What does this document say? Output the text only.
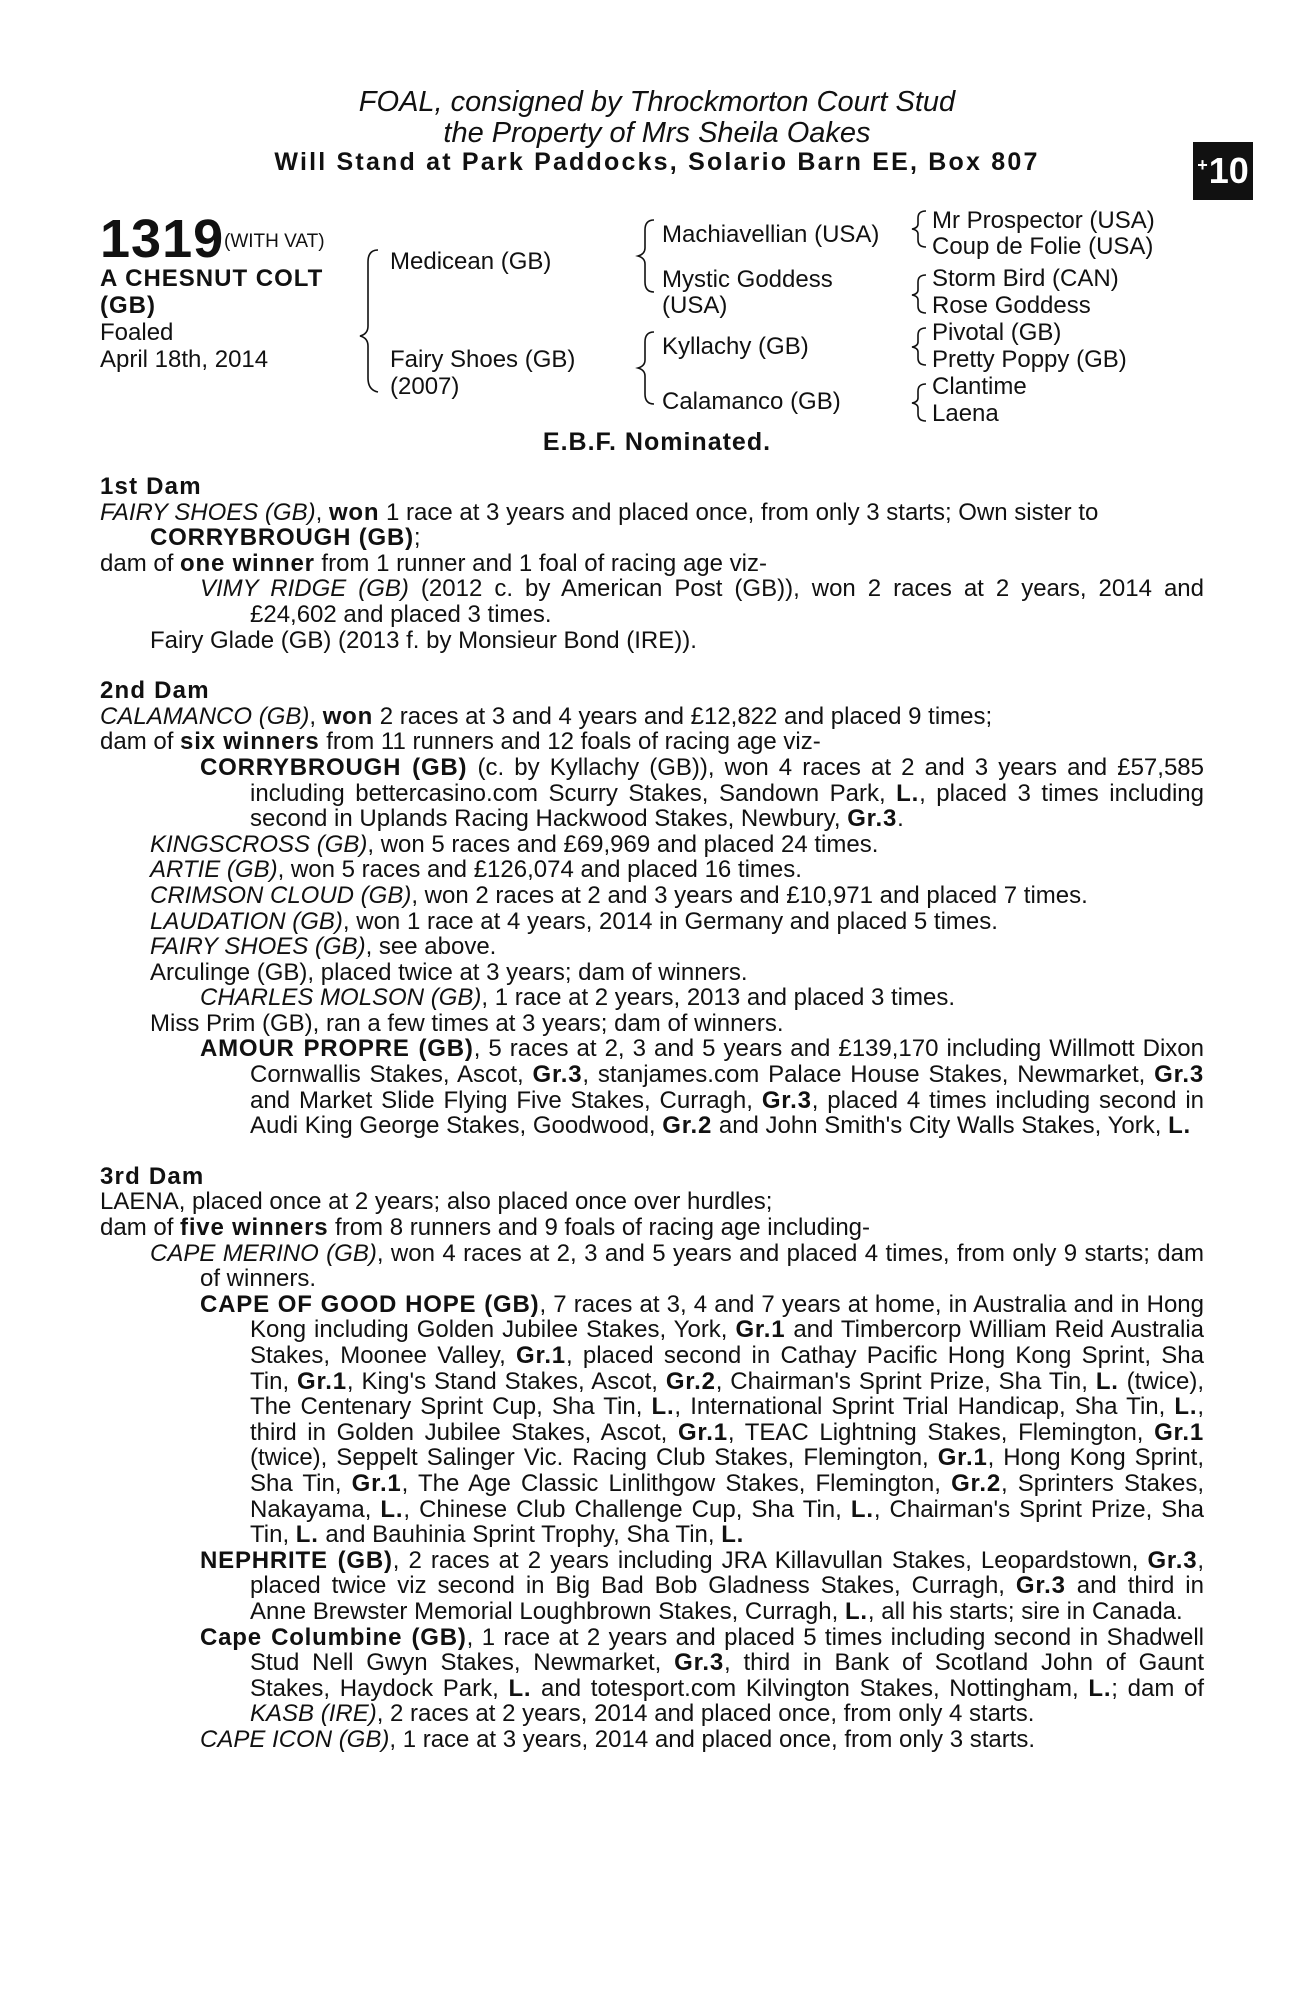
FOAL, consigned by Throckmorton Court Stud
the Property of Mrs Sheila Oakes
Will Stand at Park Paddocks, Solario Barn EE, Box 807	+ 10
1319 (WITH VAT)
A CHESNUT COLT
(GB)
Foaled
April 18th, 2014
Medicean (GB)
Fairy Shoes (GB)
(2007)
Machiavellian (USA)
Mystic Goddess
(USA)
Kyllachy (GB)
Calamanco (GB)
Mr Prospector (USA)
Coup de Folie (USA)
Storm Bird (CAN)
Rose Goddess
Pivotal (GB)
Pretty Poppy (GB)
Clantime
Laena
E.B.F. Nominated.

1st Dam

FAIRY SHOES (GB), won 1 race at 3 years and placed once, from only 3 starts; Own sister to

CORRYBROUGH (GB);

dam of one winner from 1 runner and 1 foal of racing age viz-

VIMY RIDGE (GB) (2012 c. by American Post (GB)), won 2 races at 2 years, 2014 and £24,602 and placed 3 times.

Fairy Glade (GB) (2013 f. by Monsieur Bond (IRE)).

2nd Dam

CALAMANCO (GB), won 2 races at 3 and 4 years and £12,822 and placed 9 times;

dam of six winners from 11 runners and 12 foals of racing age viz-

CORRYBROUGH (GB) (c. by Kyllachy (GB)), won 4 races at 2 and 3 years and £57,585 including bettercasino.com Scurry Stakes, Sandown Park, L., placed 3 times including second in Uplands Racing Hackwood Stakes, Newbury, Gr.3.

KINGSCROSS (GB), won 5 races and £69,969 and placed 24 times.

ARTIE (GB), won 5 races and £126,074 and placed 16 times.

CRIMSON CLOUD (GB), won 2 races at 2 and 3 years and £10,971 and placed 7 times.

LAUDATION (GB), won 1 race at 4 years, 2014 in Germany and placed 5 times.

FAIRY SHOES (GB), see above.

Arculinge (GB), placed twice at 3 years; dam of winners.

CHARLES MOLSON (GB), 1 race at 2 years, 2013 and placed 3 times.

Miss Prim (GB), ran a few times at 3 years; dam of winners.

AMOUR PROPRE (GB), 5 races at 2, 3 and 5 years and £139,170 including Willmott Dixon Cornwallis Stakes, Ascot, Gr.3, stanjames.com Palace House Stakes, Newmarket, Gr.3 and Market Slide Flying Five Stakes, Curragh, Gr.3, placed 4 times including second in Audi King George Stakes, Goodwood, Gr.2 and John Smith's City Walls Stakes, York, L.

3rd Dam

LAENA, placed once at 2 years; also placed once over hurdles;

dam of five winners from 8 runners and 9 foals of racing age including-

CAPE MERINO (GB), won 4 races at 2, 3 and 5 years and placed 4 times, from only 9 starts; dam of winners.

CAPE OF GOOD HOPE (GB), 7 races at 3, 4 and 7 years at home, in Australia and in Hong Kong including Golden Jubilee Stakes, York, Gr.1 and Timbercorp William Reid Australia Stakes, Moonee Valley, Gr.1, placed second in Cathay Pacific Hong Kong Sprint, Sha Tin, Gr.1, King's Stand Stakes, Ascot, Gr.2, Chairman's Sprint Prize, Sha Tin, L. (twice), The Centenary Sprint Cup, Sha Tin, L., International Sprint Trial Handicap, Sha Tin, L., third in Golden Jubilee Stakes, Ascot, Gr.1, TEAC Lightning Stakes, Flemington, Gr.1 (twice), Seppelt Salinger Vic. Racing Club Stakes, Flemington, Gr.1, Hong Kong Sprint, Sha Tin, Gr.1, The Age Classic Linlithgow Stakes, Flemington, Gr.2, Sprinters Stakes, Nakayama, L., Chinese Club Challenge Cup, Sha Tin, L., Chairman's Sprint Prize, Sha Tin, L. and Bauhinia Sprint Trophy, Sha Tin, L.

NEPHRITE (GB), 2 races at 2 years including JRA Killavullan Stakes, Leopardstown, Gr.3, placed twice viz second in Big Bad Bob Gladness Stakes, Curragh, Gr.3 and third in Anne Brewster Memorial Loughbrown Stakes, Curragh, L., all his starts; sire in Canada.

Cape Columbine (GB), 1 race at 2 years and placed 5 times including second in Shadwell Stud Nell Gwyn Stakes, Newmarket, Gr.3, third in Bank of Scotland John of Gaunt Stakes, Haydock Park, L. and totesport.com Kilvington Stakes, Nottingham, L.; dam of KASB (IRE), 2 races at 2 years, 2014 and placed once, from only 4 starts.

CAPE ICON (GB), 1 race at 3 years, 2014 and placed once, from only 3 starts.
